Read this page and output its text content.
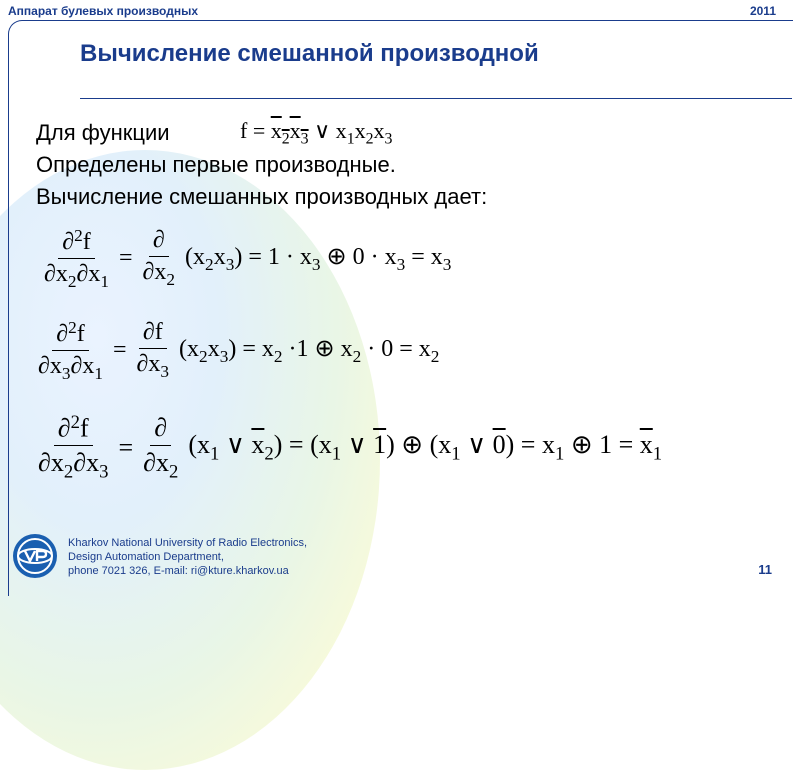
Аппарат булевых производных	2011
Вычисление смешанной производной
Для функции	$f = x_2x_3$ ∨ $x_1x_2x_3$
Определены первые производные.
Вычисление смешанных производных дает:
$\frac{\partial^2f}{\partial x_2\partial x_1} = \frac{\partial}{\partial x_2} (x_2x_3) = 1 \cdot x_3$ ⊕ $0 \cdot x_3 = x_3$
$\frac{\partial^2f}{\partial x_3\partial x_1} = \frac{\partial f}{\partial x_3} (x_2x_3) = x_2 \cdot 1$ ⊕ $x_2 \cdot 0 = x_2$
$\frac{\partial^2f}{\partial x_2\partial x_3} = \frac{\partial}{\partial x_2} (x_1$ ∨ $\overline{x}_2) = (x_1$ ∨ 1) ⊕ ($x_1$ ∨ $0) = x_1$ ⊕ $1 = \overline{x}_1$
Kharkov National University of Radio Electronics,
Design Automation Department,
phone 7021 326, E-mail: ri@kture.kharkov.ua	11
